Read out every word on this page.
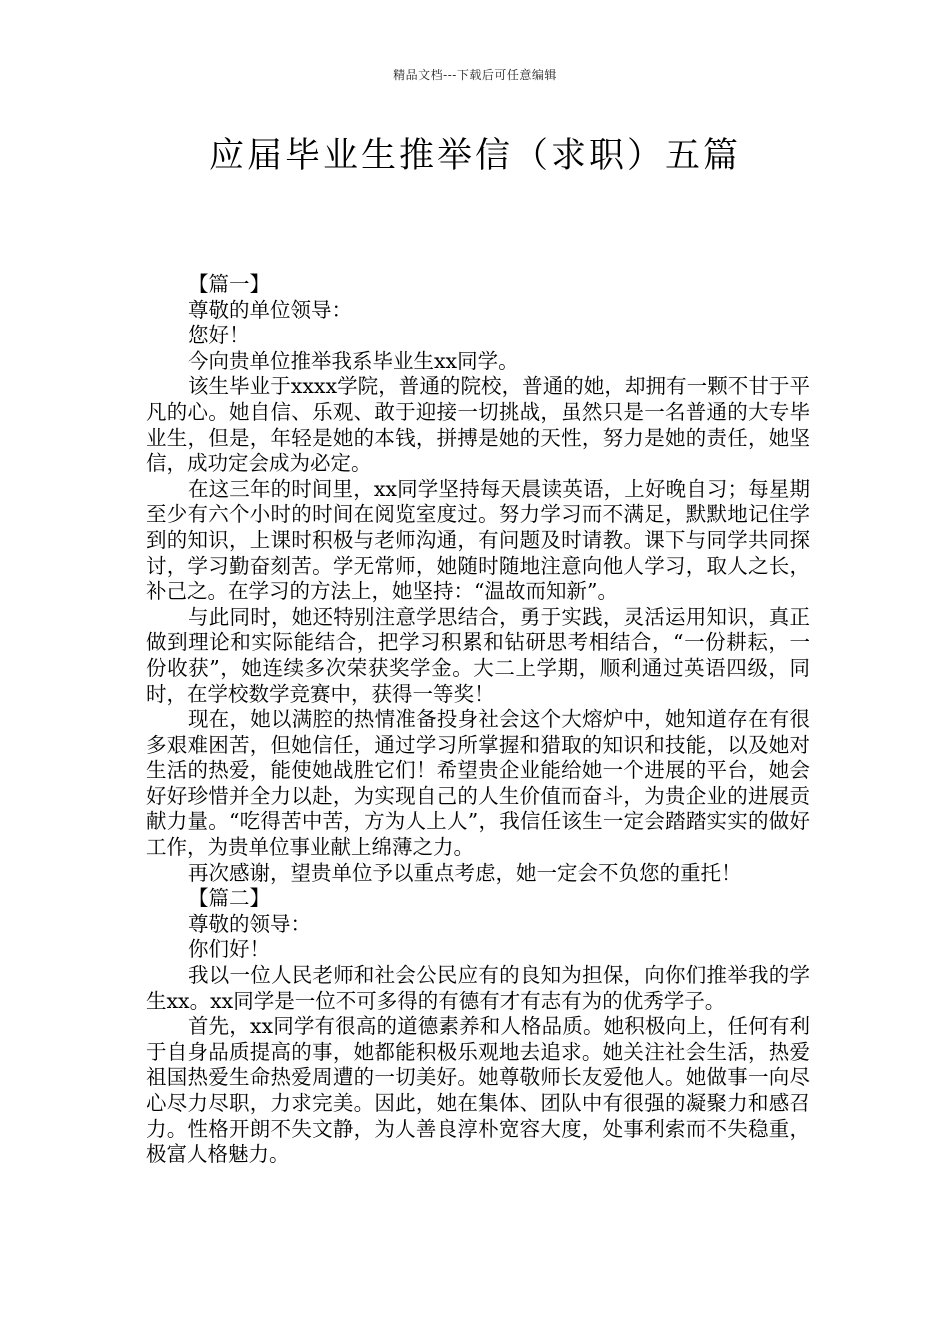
精品文档---下载后可任意编辑
应届毕业生推举信（求职）五篇

【篇一】

尊敬的单位领导：

您好！

今向贵单位推举我系毕业生xx同学。

该生毕业于xxxx学院，普通的院校，普通的她，却拥有一颗不甘于平凡的心。她自信、乐观、敢于迎接一切挑战，虽然只是一名普通的大专毕业生，但是，年轻是她的本钱，拼搏是她的天性，努力是她的责任，她坚信，成功定会成为必定。

在这三年的时间里，xx同学坚持每天晨读英语，上好晚自习；每星期至少有六个小时的时间在阅览室度过。努力学习而不满足，默默地记住学到的知识，上课时积极与老师沟通，有问题及时请教。课下与同学共同探讨，学习勤奋刻苦。学无常师，她随时随地注意向他人学习，取人之长，补己之。在学习的方法上，她坚持：“温故而知新”。

与此同时，她还特别注意学思结合，勇于实践，灵活运用知识，真正做到理论和实际能结合，把学习积累和钻研思考相结合，“一份耕耘，一份收获”，她连续多次荣获奖学金。大二上学期，顺利通过英语四级，同时，在学校数学竞赛中，获得一等奖！

现在，她以满腔的热情准备投身社会这个大熔炉中，她知道存在有很多艰难困苦，但她信任，通过学习所掌握和猎取的知识和技能，以及她对生活的热爱，能使她战胜它们！希望贵企业能给她一个进展的平台，她会好好珍惜并全力以赴，为实现自己的人生价值而奋斗，为贵企业的进展贡献力量。“吃得苦中苦，方为人上人”，我信任该生一定会踏踏实实的做好工作，为贵单位事业献上绵薄之力。

再次感谢，望贵单位予以重点考虑，她一定会不负您的重托！

【篇二】

尊敬的领导：

你们好！

我以一位人民老师和社会公民应有的良知为担保，向你们推举我的学生xx。xx同学是一位不可多得的有德有才有志有为的优秀学子。

首先，xx同学有很高的道德素养和人格品质。她积极向上，任何有利于自身品质提高的事，她都能积极乐观地去追求。她关注社会生活，热爱祖国热爱生命热爱周遭的一切美好。她尊敬师长友爱他人。她做事一向尽心尽力尽职，力求完美。因此，她在集体、团队中有很强的凝聚力和感召力。性格开朗不失文静，为人善良淳朴宽容大度，处事利索而不失稳重，极富人格魅力。
